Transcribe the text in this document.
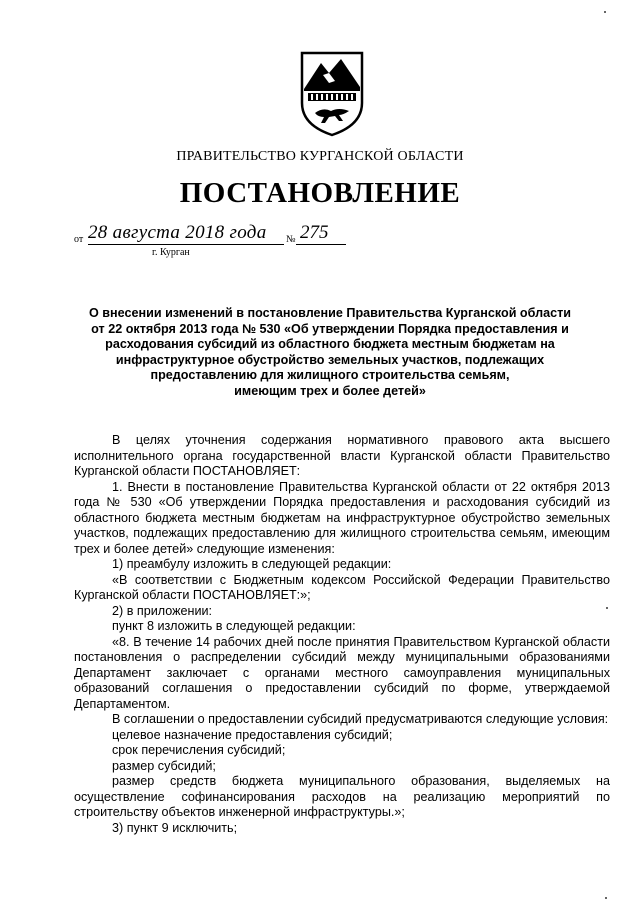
ПРАВИТЕЛЬСТВО КУРГАНСКОЙ ОБЛАСТИ
ПОСТАНОВЛЕНИЕ
от 28 августа 2018 года № 275
г. Курган
О внесении изменений в постановление Правительства Курганской области
от 22 октября 2013 года № 530 «Об утверждении Порядка предоставления и
расходования субсидий из областного бюджета местным бюджетам на
инфраструктурное обустройство земельных участков, подлежащих
предоставлению для жилищного строительства семьям,
имеющим трех и более детей»

В целях уточнения содержания нормативного правового акта высшего исполнительного органа государственной власти Курганской области Правительство Курганской области ПОСТАНОВЛЯЕТ:

1. Внести в постановление Правительства Курганской области от 22 октября 2013 года № 530 «Об утверждении Порядка предоставления и расходования субсидий из областного бюджета местным бюджетам на инфраструктурное обустройство земельных участков, подлежащих предоставлению для жилищного строительства семьям, имеющим трех и более детей» следующие изменения:

1) преамбулу изложить в следующей редакции:

«В соответствии с Бюджетным кодексом Российской Федерации Правительство Курганской области ПОСТАНОВЛЯЕТ:»;

2) в приложении:

пункт 8 изложить в следующей редакции:

«8. В течение 14 рабочих дней после принятия Правительством Курганской области постановления о распределении субсидий между муниципальными образованиями Департамент заключает с органами местного самоуправления муниципальных образований соглашения о предоставлении субсидий по форме, утверждаемой Департаментом.

В соглашении о предоставлении субсидий предусматриваются следующие условия:

целевое назначение предоставления субсидий;

срок перечисления субсидий;

размер субсидий;

размер средств бюджета муниципального образования, выделяемых на осуществление софинансирования расходов на реализацию мероприятий по строительству объектов инженерной инфраструктуры.»;

3) пункт 9 исключить;
